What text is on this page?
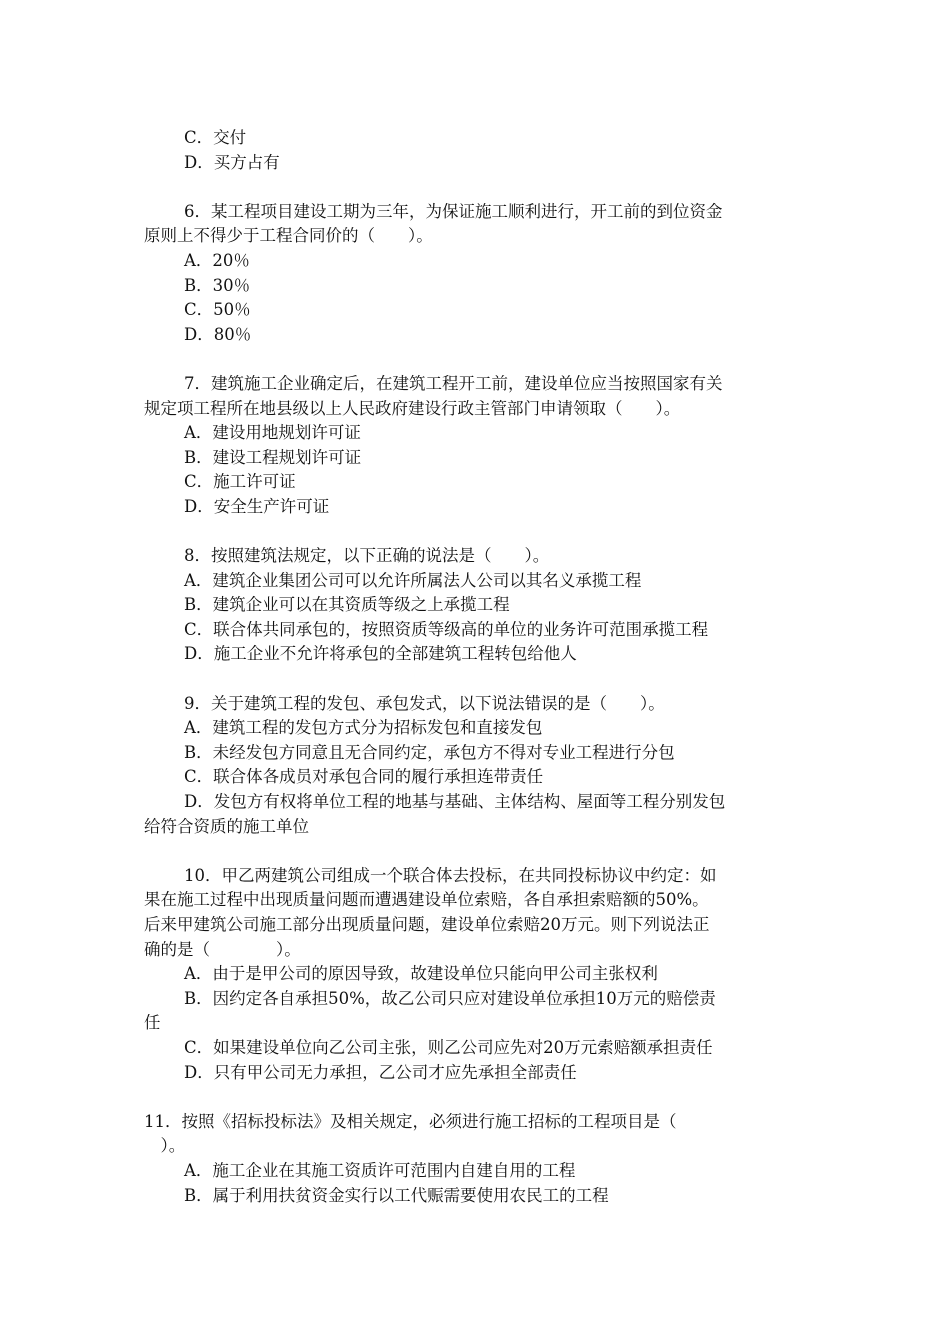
C．交付
D．买方占有
6．某工程项目建设工期为三年，为保证施工顺利进行，开工前的到位资金
原则上不得少于工程合同价的（　　）。
A．20％
B．30％
C．50％
D．80％
7．建筑施工企业确定后，在建筑工程开工前，建设单位应当按照国家有关
规定项工程所在地县级以上人民政府建设行政主管部门申请领取（　　）。
A．建设用地规划许可证
B．建设工程规划许可证
C．施工许可证
D．安全生产许可证
8．按照建筑法规定，以下正确的说法是（　　）。
A．建筑企业集团公司可以允许所属法人公司以其名义承揽工程
B．建筑企业可以在其资质等级之上承揽工程
C．联合体共同承包的，按照资质等级高的单位的业务许可范围承揽工程
D．施工企业不允许将承包的全部建筑工程转包给他人
9．关于建筑工程的发包、承包发式，以下说法错误的是（　　）。
A．建筑工程的发包方式分为招标发包和直接发包
B．未经发包方同意且无合同约定，承包方不得对专业工程进行分包
C．联合体各成员对承包合同的履行承担连带责任
D．发包方有权将单位工程的地基与基础、主体结构、屋面等工程分别发包
给符合资质的施工单位
10．甲乙两建筑公司组成一个联合体去投标，在共同投标协议中约定：如
果在施工过程中出现质量问题而遭遇建设单位索赔，各自承担索赔额的50%。
后来甲建筑公司施工部分出现质量问题，建设单位索赔20万元。则下列说法正
确的是（　　　　）。
A．由于是甲公司的原因导致，故建设单位只能向甲公司主张权利
B．因约定各自承担50%，故乙公司只应对建设单位承担10万元的赔偿责
任
C．如果建设单位向乙公司主张，则乙公司应先对20万元索赔额承担责任
D．只有甲公司无力承担，乙公司才应先承担全部责任
11．按照《招标投标法》及相关规定，必须进行施工招标的工程项目是（
　）。
A．施工企业在其施工资质许可范围内自建自用的工程
B．属于利用扶贫资金实行以工代赈需要使用农民工的工程
